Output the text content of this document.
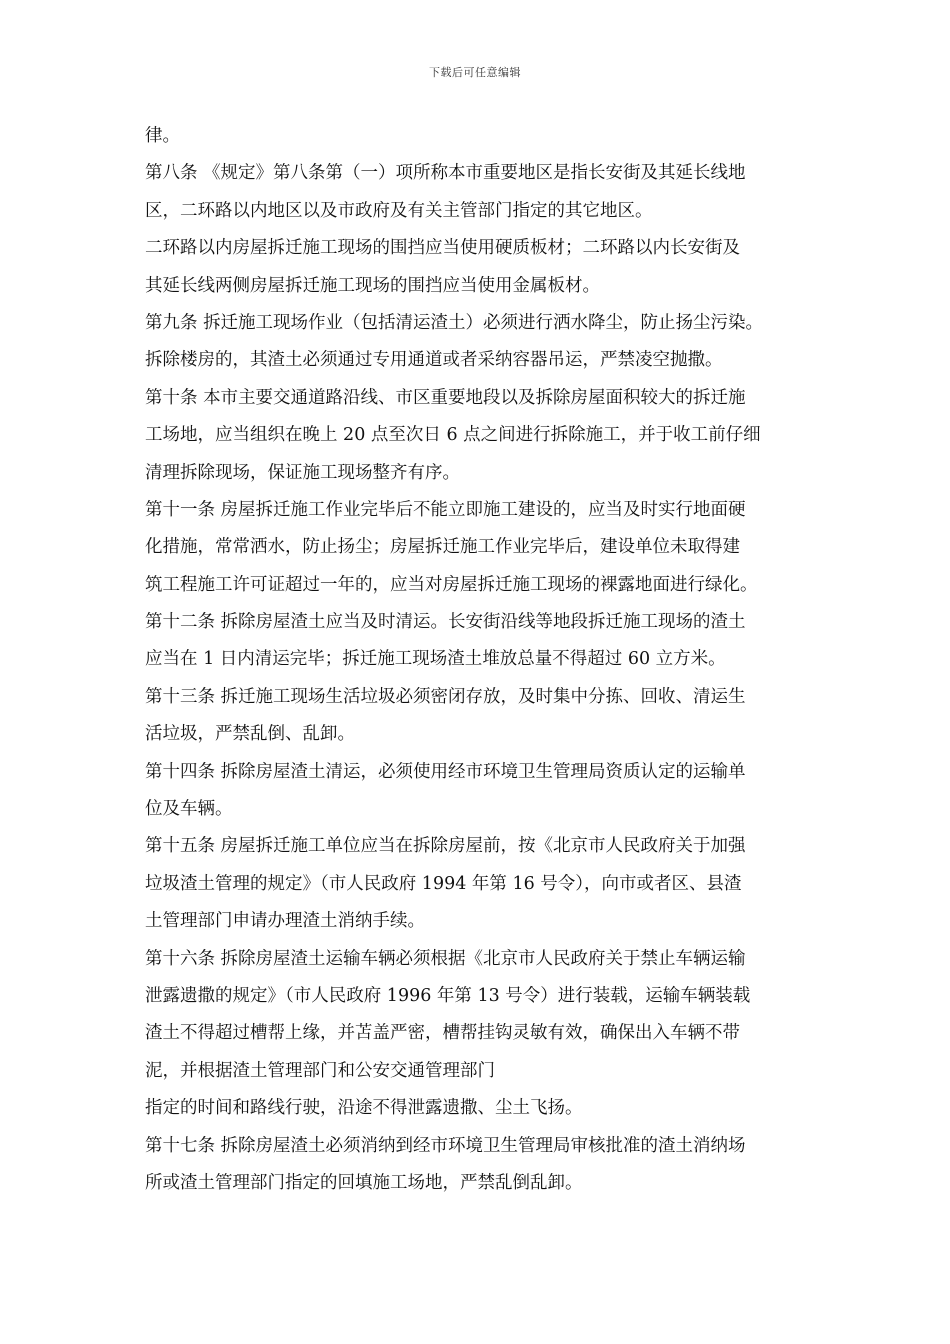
下载后可任意编辑
律。
第八条 《规定》第八条第（一）项所称本市重要地区是指长安街及其延长线地
区，二环路以内地区以及市政府及有关主管部门指定的其它地区。
二环路以内房屋拆迁施工现场的围挡应当使用硬质板材；二环路以内长安街及
其延长线两侧房屋拆迁施工现场的围挡应当使用金属板材。
第九条 拆迁施工现场作业（包括清运渣土）必须进行洒水降尘，防止扬尘污染。
拆除楼房的，其渣土必须通过专用通道或者采纳容器吊运，严禁凌空抛撒。
第十条 本市主要交通道路沿线、市区重要地段以及拆除房屋面积较大的拆迁施
工场地，应当组织在晚上 20 点至次日 6 点之间进行拆除施工，并于收工前仔细
清理拆除现场，保证施工现场整齐有序。
第十一条 房屋拆迁施工作业完毕后不能立即施工建设的，应当及时实行地面硬
化措施，常常洒水，防止扬尘；房屋拆迁施工作业完毕后，建设单位未取得建
筑工程施工许可证超过一年的，应当对房屋拆迁施工现场的裸露地面进行绿化。
第十二条 拆除房屋渣土应当及时清运。长安街沿线等地段拆迁施工现场的渣土
应当在 1 日内清运完毕；拆迁施工现场渣土堆放总量不得超过 60 立方米。
第十三条 拆迁施工现场生活垃圾必须密闭存放，及时集中分拣、回收、清运生
活垃圾，严禁乱倒、乱卸。
第十四条 拆除房屋渣土清运，必须使用经市环境卫生管理局资质认定的运输单
位及车辆。
第十五条 房屋拆迁施工单位应当在拆除房屋前，按《北京市人民政府关于加强
垃圾渣土管理的规定》（市人民政府 1994 年第 16 号令），向市或者区、县渣
土管理部门申请办理渣土消纳手续。
第十六条 拆除房屋渣土运输车辆必须根据《北京市人民政府关于禁止车辆运输
泄露遗撒的规定》（市人民政府 1996 年第 13 号令）进行装载，运输车辆装载
渣土不得超过槽帮上缘，并苫盖严密，槽帮挂钩灵敏有效，确保出入车辆不带
泥，并根据渣土管理部门和公安交通管理部门
指定的时间和路线行驶，沿途不得泄露遗撒、尘土飞扬。
第十七条 拆除房屋渣土必须消纳到经市环境卫生管理局审核批准的渣土消纳场
所或渣土管理部门指定的回填施工场地，严禁乱倒乱卸。
